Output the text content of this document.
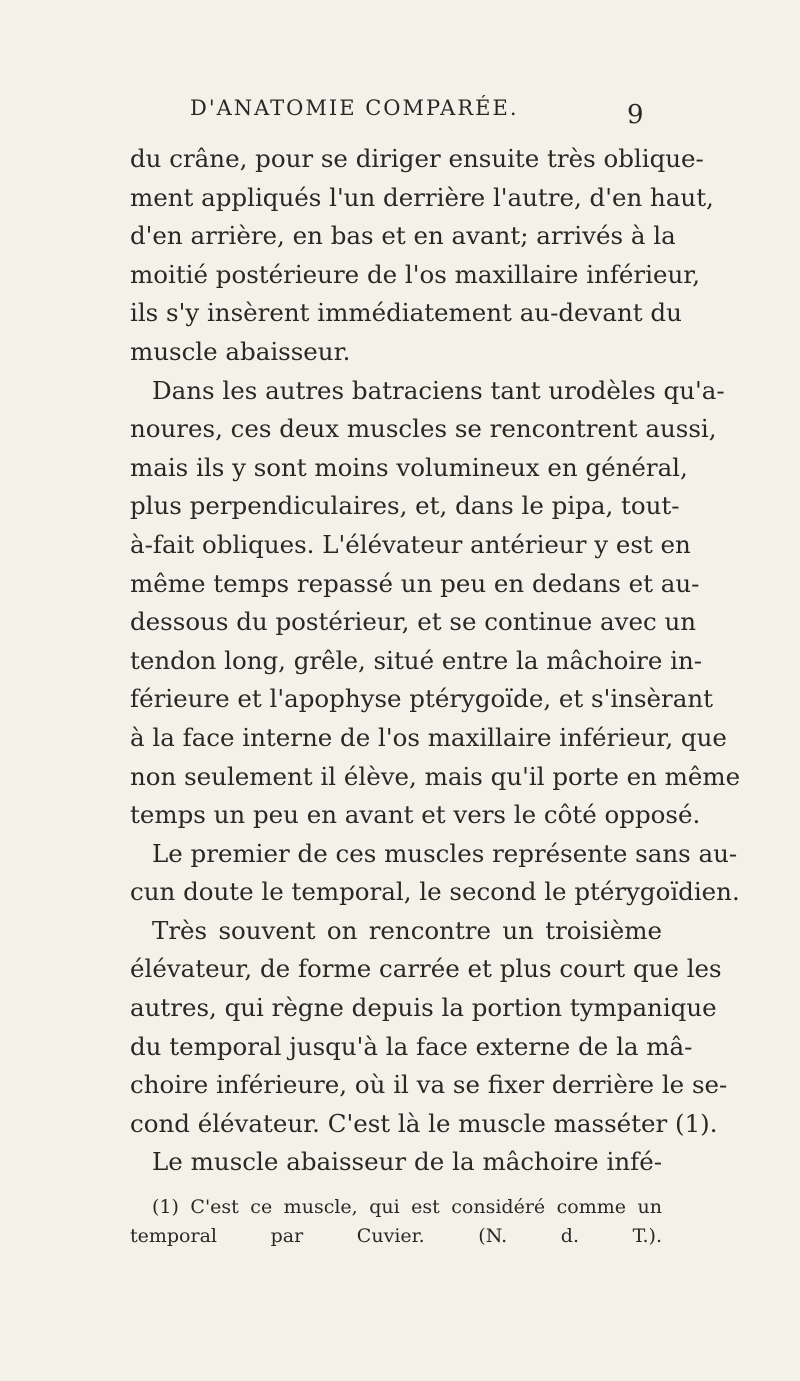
D'ANATOMIE COMPARÉE.	9
du crâne, pour se diriger ensuite très oblique-
ment appliqués l'un derrière l'autre, d'en haut,
d'en arrière, en bas et en avant; arrivés à la
moitié postérieure de l'os maxillaire inférieur,
ils s'y insèrent immédiatement au-devant du
muscle abaisseur.
Dans les autres batraciens tant urodèles qu'a-
noures, ces deux muscles se rencontrent aussi,
mais ils y sont moins volumineux en général,
plus perpendiculaires, et, dans le pipa, tout-
à-fait obliques. L'élévateur antérieur y est en
même temps repassé un peu en dedans et au-
dessous du postérieur, et se continue avec un
tendon long, grêle, situé entre la mâchoire in-
férieure et l'apophyse ptérygoïde, et s'insèrant
à la face interne de l'os maxillaire inférieur, que
non seulement il élève, mais qu'il porte en même
temps un peu en avant et vers le côté opposé.
Le premier de ces muscles représente sans au-
cun doute le temporal, le second le ptérygoïdien.
Très souvent on rencontre un troisième
élévateur, de forme carrée et plus court que les
autres, qui règne depuis la portion tympanique
du temporal jusqu'à la face externe de la mâ-
choire inférieure, où il va se fixer derrière le se-
cond élévateur. C'est là le muscle masséter (1).
Le muscle abaisseur de la mâchoire infé-
(1) C'est ce muscle, qui est considéré comme un
temporal par Cuvier. (N. d. T.).
